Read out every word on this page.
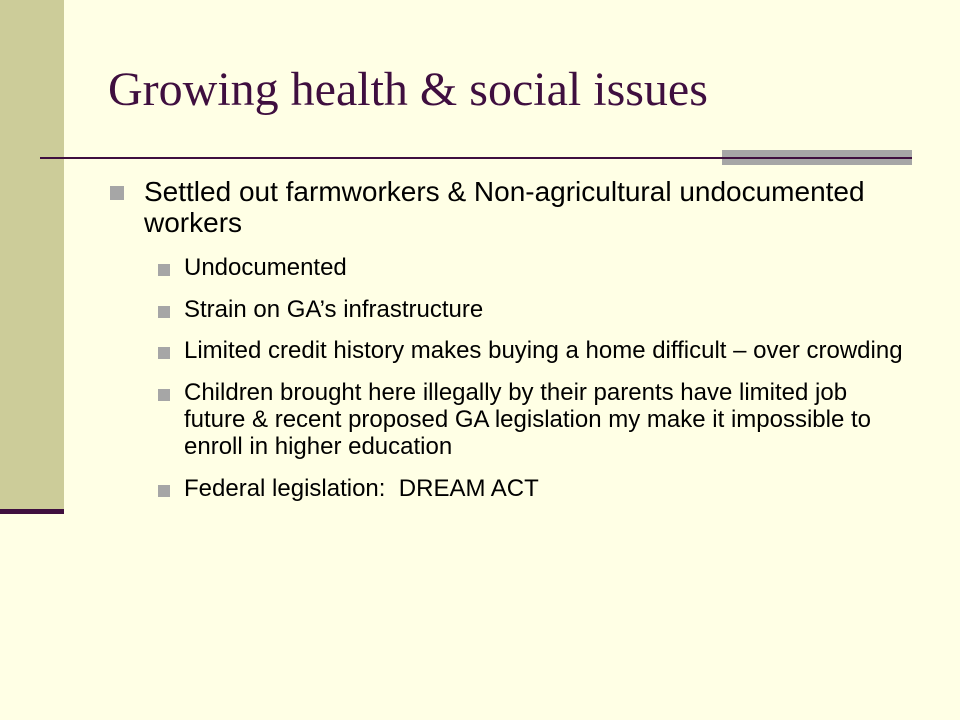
Growing health & social issues
Settled out farmworkers & Non-agricultural undocumented workers
Undocumented
Strain on GA’s infrastructure
Limited credit history makes buying a home difficult – over crowding
Children brought here illegally by their parents have limited job future & recent proposed GA legislation my make it impossible to enroll in higher education
Federal legislation:  DREAM ACT
